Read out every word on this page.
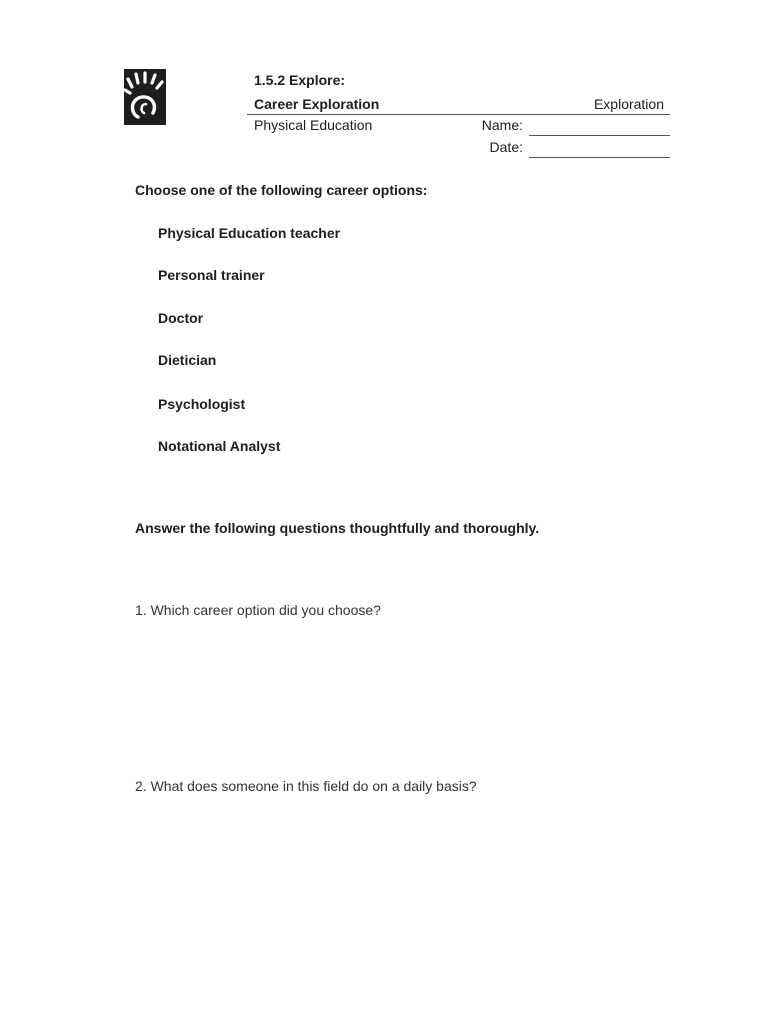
1.5.2 Explore:
Career Exploration	Exploration
Physical Education	Name:
Date:
Choose one of the following career options:
Physical Education teacher
Personal trainer
Doctor
Dietician
Psychologist
Notational Analyst
Answer the following questions thoughtfully and thoroughly.
1. Which career option did you choose?
2. What does someone in this field do on a daily basis?
